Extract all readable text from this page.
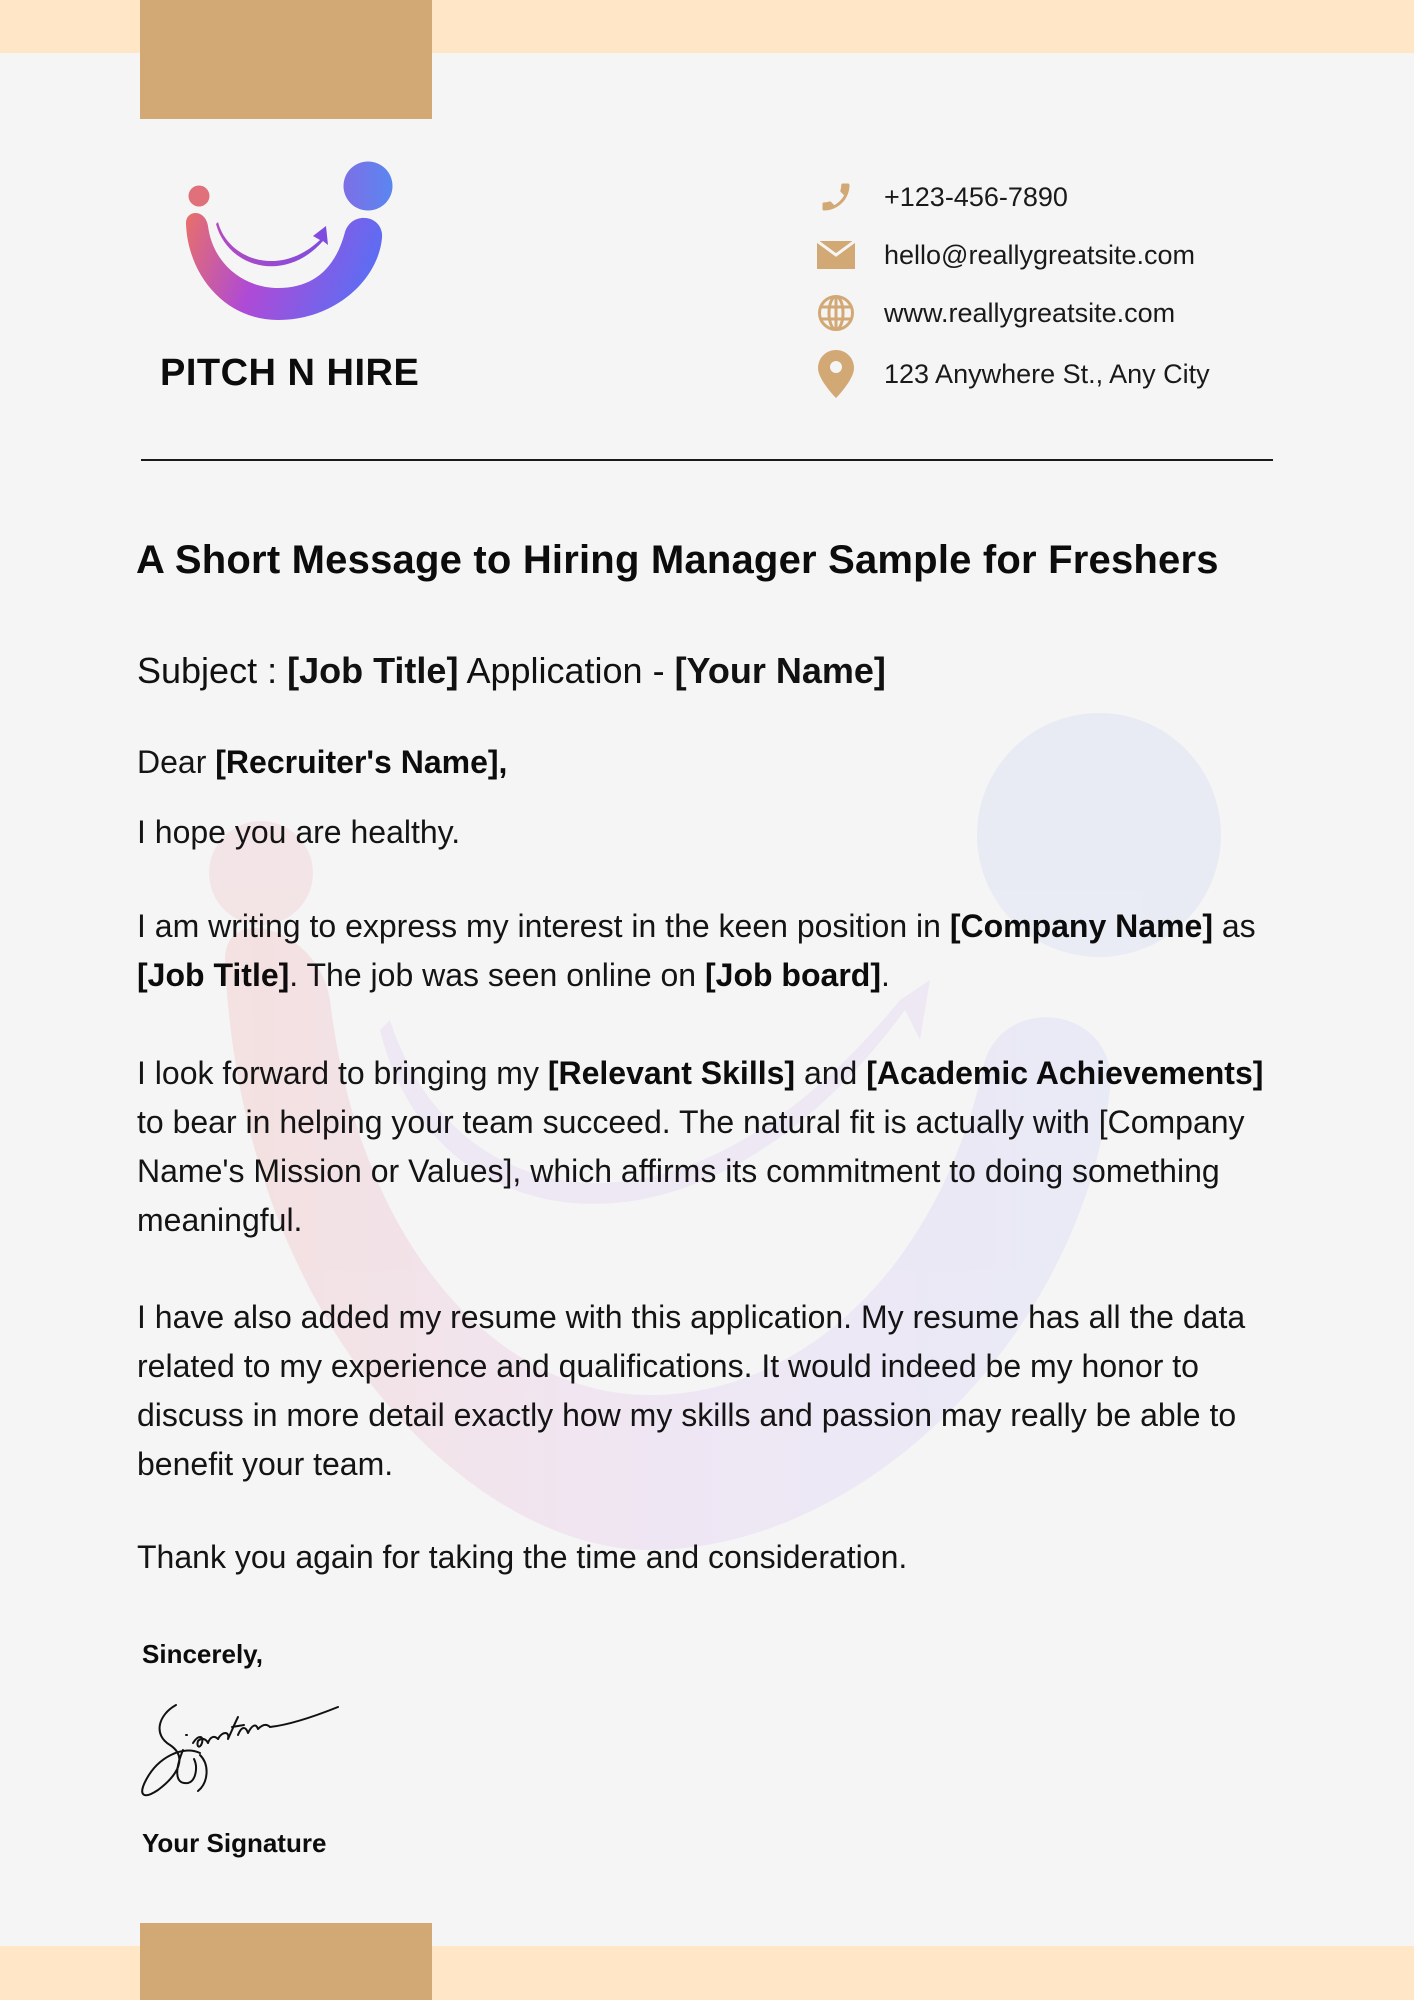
PITCH N HIRE
+123-456-7890
hello@reallygreatsite.com
www.reallygreatsite.com
123 Anywhere St., Any City
A Short Message to Hiring Manager Sample for Freshers
Subject : [Job Title] Application - [Your Name]
Dear [Recruiter's Name],
I hope you are healthy.
I am writing to express my interest in the keen position in [Company Name] as [Job Title]. The job was seen online on [Job board].
I look forward to bringing my [Relevant Skills] and [Academic Achievements] to bear in helping your team succeed. The natural fit is actually with [Company Name's Mission or Values], which affirms its commitment to doing something meaningful.
I have also added my resume with this application. My resume has all the data related to my experience and qualifications. It would indeed be my honor to discuss in more detail exactly how my skills and passion may really be able to benefit your team.
Thank you again for taking the time and consideration.
Sincerely,
Your Signature
